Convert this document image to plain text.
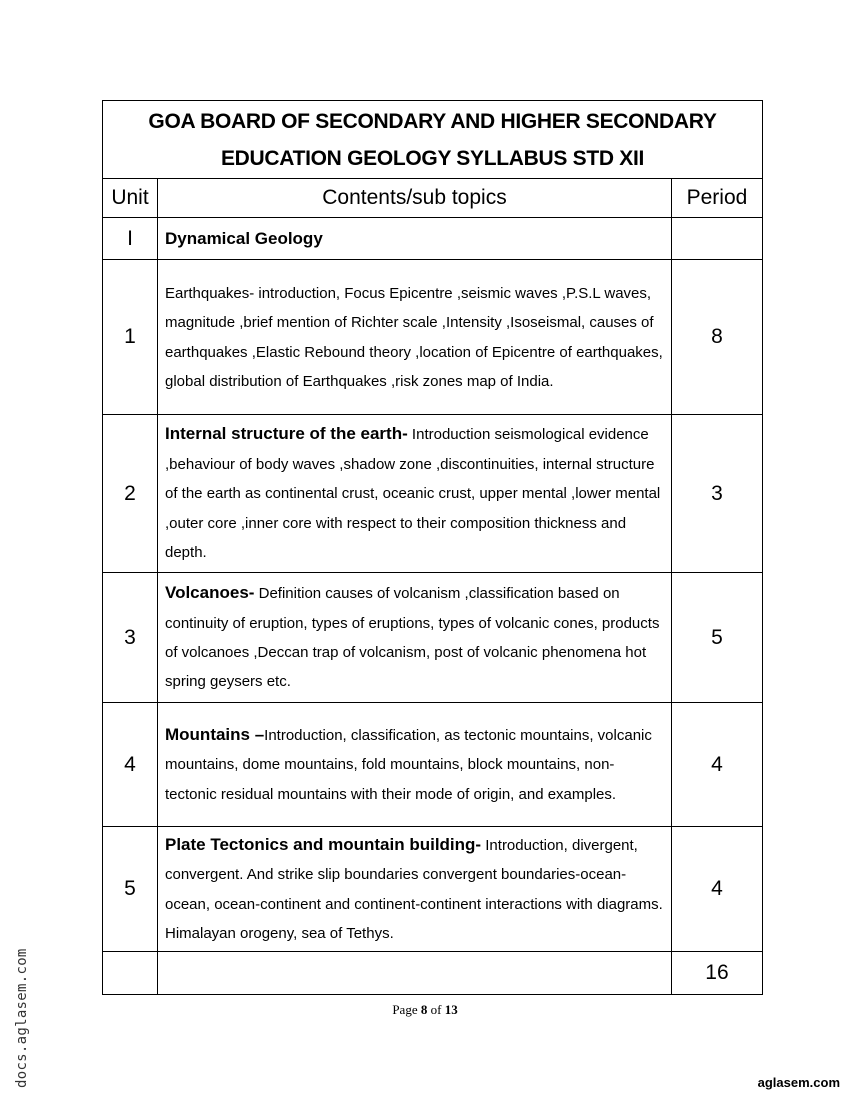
GOA BOARD OF SECONDARY AND HIGHER SECONDARY
EDUCATION GEOLOGY SYLLABUS STD XII		

Unit	Contents/sub topics	Period
I	Dynamical Geology	
1	Earthquakes- introduction, Focus Epicentre ,seismic waves ,P.S.L waves, magnitude ,brief mention of Richter scale ,Intensity ,Isoseismal, causes of earthquakes ,Elastic Rebound theory ,location of Epicentre of earthquakes, global distribution of Earthquakes ,risk zones map of India.	8
2	Internal structure of the earth- Introduction seismological evidence ,behaviour of body waves ,shadow zone ,discontinuities, internal structure of the earth as continental crust, oceanic crust, upper mental ,lower mental ,outer core ,inner core with respect to their composition thickness and depth.	3
3	Volcanoes- Definition causes of volcanism ,classification based on continuity of eruption, types of eruptions, types of volcanic cones, products of volcanoes ,Deccan trap of volcanism, post of volcanic phenomena hot spring geysers etc.	5
4	Mountains –Introduction, classification, as tectonic mountains, volcanic mountains, dome mountains, fold mountains, block mountains, non-tectonic residual mountains with their mode of origin, and examples.	4
5	Plate Tectonics and mountain building- Introduction, divergent, convergent. And strike slip boundaries convergent boundaries-ocean-ocean, ocean-continent and continent-continent interactions with diagrams. Himalayan orogeny, sea of Tethys.	4
		16
Page 8 of 13
docs.aglasem.com	aglasem.com
